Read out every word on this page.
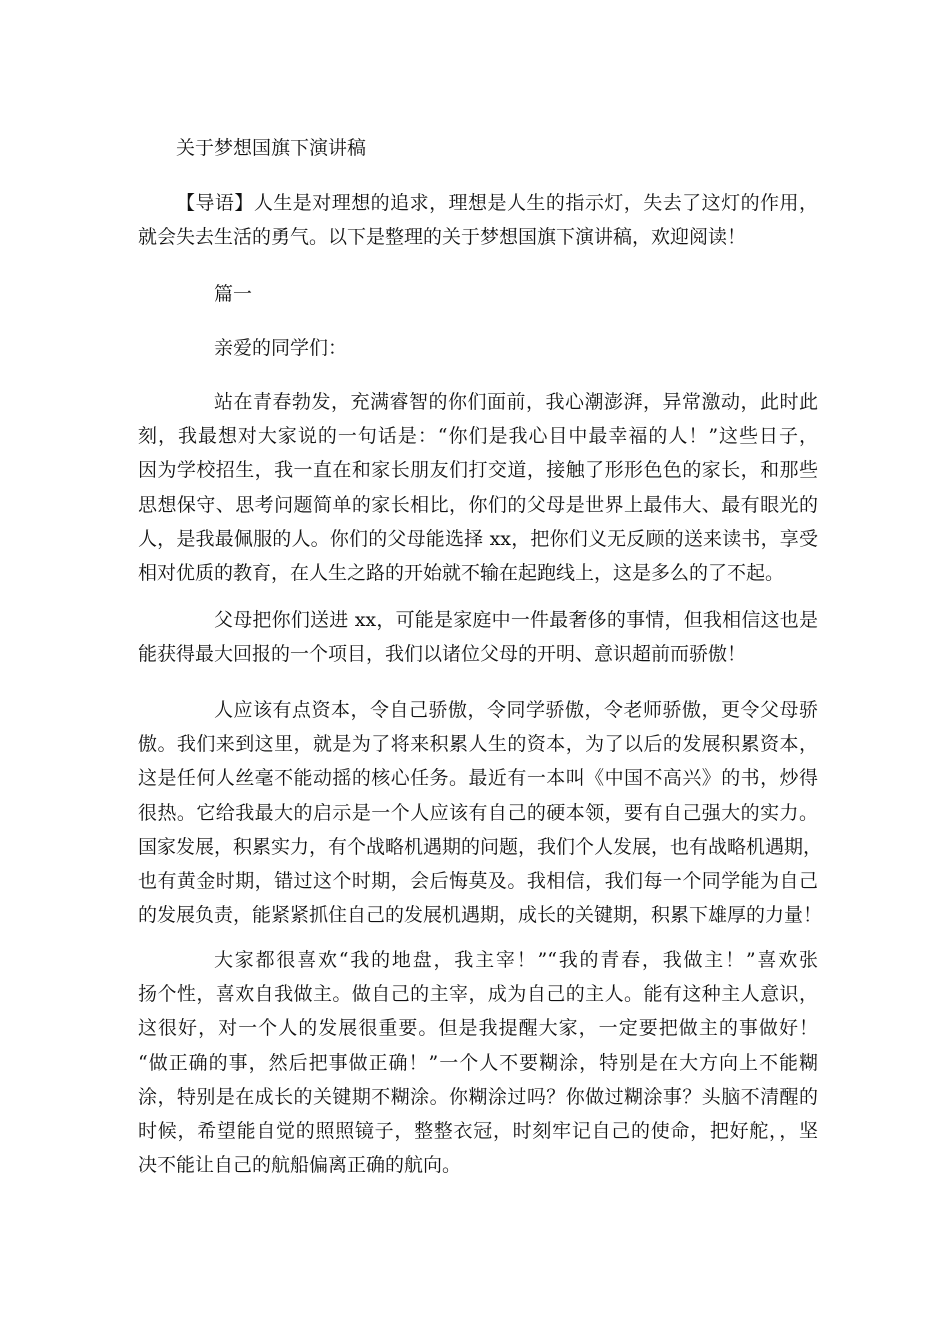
关于梦想国旗下演讲稿
【导语】人生是对理想的追求，理想是人生的指示灯，失去了这灯的作用，
就会失去生活的勇气。以下是整理的关于梦想国旗下演讲稿，欢迎阅读！
篇一
亲爱的同学们：
站在青春勃发，充满睿智的你们面前，我心潮澎湃，异常激动，此时此
刻，我最想对大家说的一句话是：“你们是我心目中最幸福的人！”这些日子，
因为学校招生，我一直在和家长朋友们打交道，接触了形形色色的家长，和那些
思想保守、思考问题简单的家长相比，你们的父母是世界上最伟大、最有眼光的
人，是我最佩服的人。你们的父母能选择 xx，把你们义无反顾的送来读书，享受
相对优质的教育，在人生之路的开始就不输在起跑线上，这是多么的了不起。
父母把你们送进 xx，可能是家庭中一件最奢侈的事情，但我相信这也是
能获得最大回报的一个项目，我们以诸位父母的开明、意识超前而骄傲！
人应该有点资本，令自己骄傲，令同学骄傲，令老师骄傲，更令父母骄
傲。我们来到这里，就是为了将来积累人生的资本，为了以后的发展积累资本，
这是任何人丝毫不能动摇的核心任务。最近有一本叫《中国不高兴》的书，炒得
很热。它给我最大的启示是一个人应该有自己的硬本领，要有自己强大的实力。
国家发展，积累实力，有个战略机遇期的问题，我们个人发展，也有战略机遇期，
也有黄金时期，错过这个时期，会后悔莫及。我相信，我们每一个同学能为自己
的发展负责，能紧紧抓住自己的发展机遇期，成长的关键期，积累下雄厚的力量！
大家都很喜欢“我的地盘，我主宰！”“我的青春，我做主！”喜欢张
扬个性，喜欢自我做主。做自己的主宰，成为自己的主人。能有这种主人意识，
这很好，对一个人的发展很重要。但是我提醒大家，一定要把做主的事做好！
“做正确的事，然后把事做正确！”一个人不要糊涂，特别是在大方向上不能糊
涂，特别是在成长的关键期不糊涂。你糊涂过吗？你做过糊涂事？头脑不清醒的
时候，希望能自觉的照照镜子，整整衣冠，时刻牢记自己的使命，把好舵，，坚
决不能让自己的航船偏离正确的航向。
